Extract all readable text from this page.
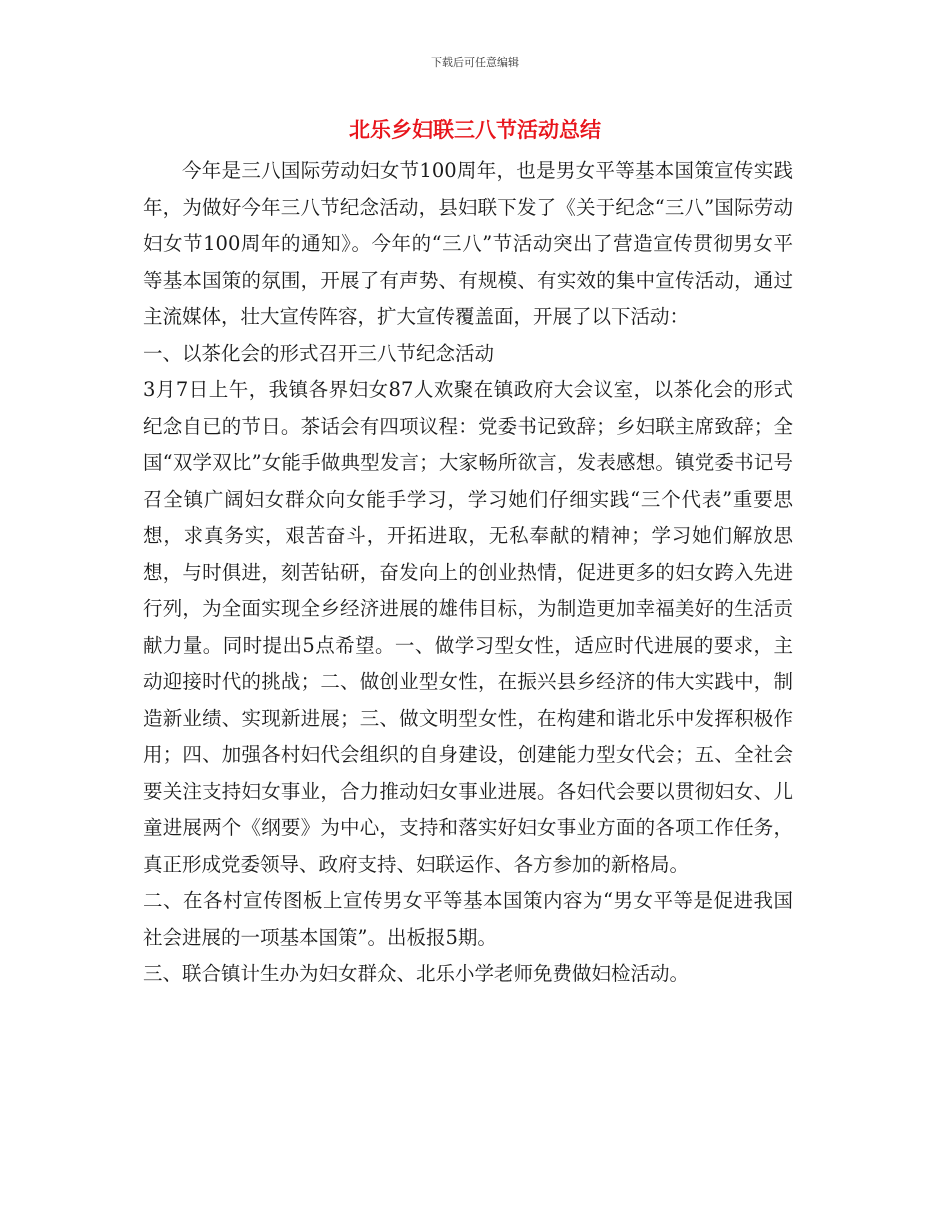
下载后可任意编辑
北乐乡妇联三八节活动总结

今年是三八国际劳动妇女节100周年，也是男女平等基本国策宣传实践年，为做好今年三八节纪念活动，县妇联下发了《关于纪念“三八”国际劳动妇女节100周年的通知》。今年的“三八”节活动突出了营造宣传贯彻男女平等基本国策的氛围，开展了有声势、有规模、有实效的集中宣传活动，通过主流媒体，壮大宣传阵容，扩大宣传覆盖面，开展了以下活动：

一、以茶化会的形式召开三八节纪念活动

3月7日上午，我镇各界妇女87人欢聚在镇政府大会议室，以茶化会的形式纪念自已的节日。茶话会有四项议程：党委书记致辞；乡妇联主席致辞；全国“双学双比”女能手做典型发言；大家畅所欲言，发表感想。镇党委书记号召全镇广阔妇女群众向女能手学习，学习她们仔细实践“三个代表”重要思想，求真务实，艰苦奋斗，开拓进取，无私奉献的精神；学习她们解放思想，与时俱进，刻苦钻研，奋发向上的创业热情，促进更多的妇女跨入先进行列，为全面实现全乡经济进展的雄伟目标，为制造更加幸福美好的生活贡献力量。同时提出5点希望。一、做学习型女性，适应时代进展的要求，主动迎接时代的挑战；二、做创业型女性，在振兴县乡经济的伟大实践中，制造新业绩、实现新进展；三、做文明型女性，在构建和谐北乐中发挥积极作用；四、加强各村妇代会组织的自身建设，创建能力型女代会；五、全社会要关注支持妇女事业，合力推动妇女事业进展。各妇代会要以贯彻妇女、儿童进展两个《纲要》为中心，支持和落实好妇女事业方面的各项工作任务，真正形成党委领导、政府支持、妇联运作、各方参加的新格局。

二、在各村宣传图板上宣传男女平等基本国策内容为“男女平等是促进我国社会进展的一项基本国策”。出板报5期。

三、联合镇计生办为妇女群众、北乐小学老师免费做妇检活动。
